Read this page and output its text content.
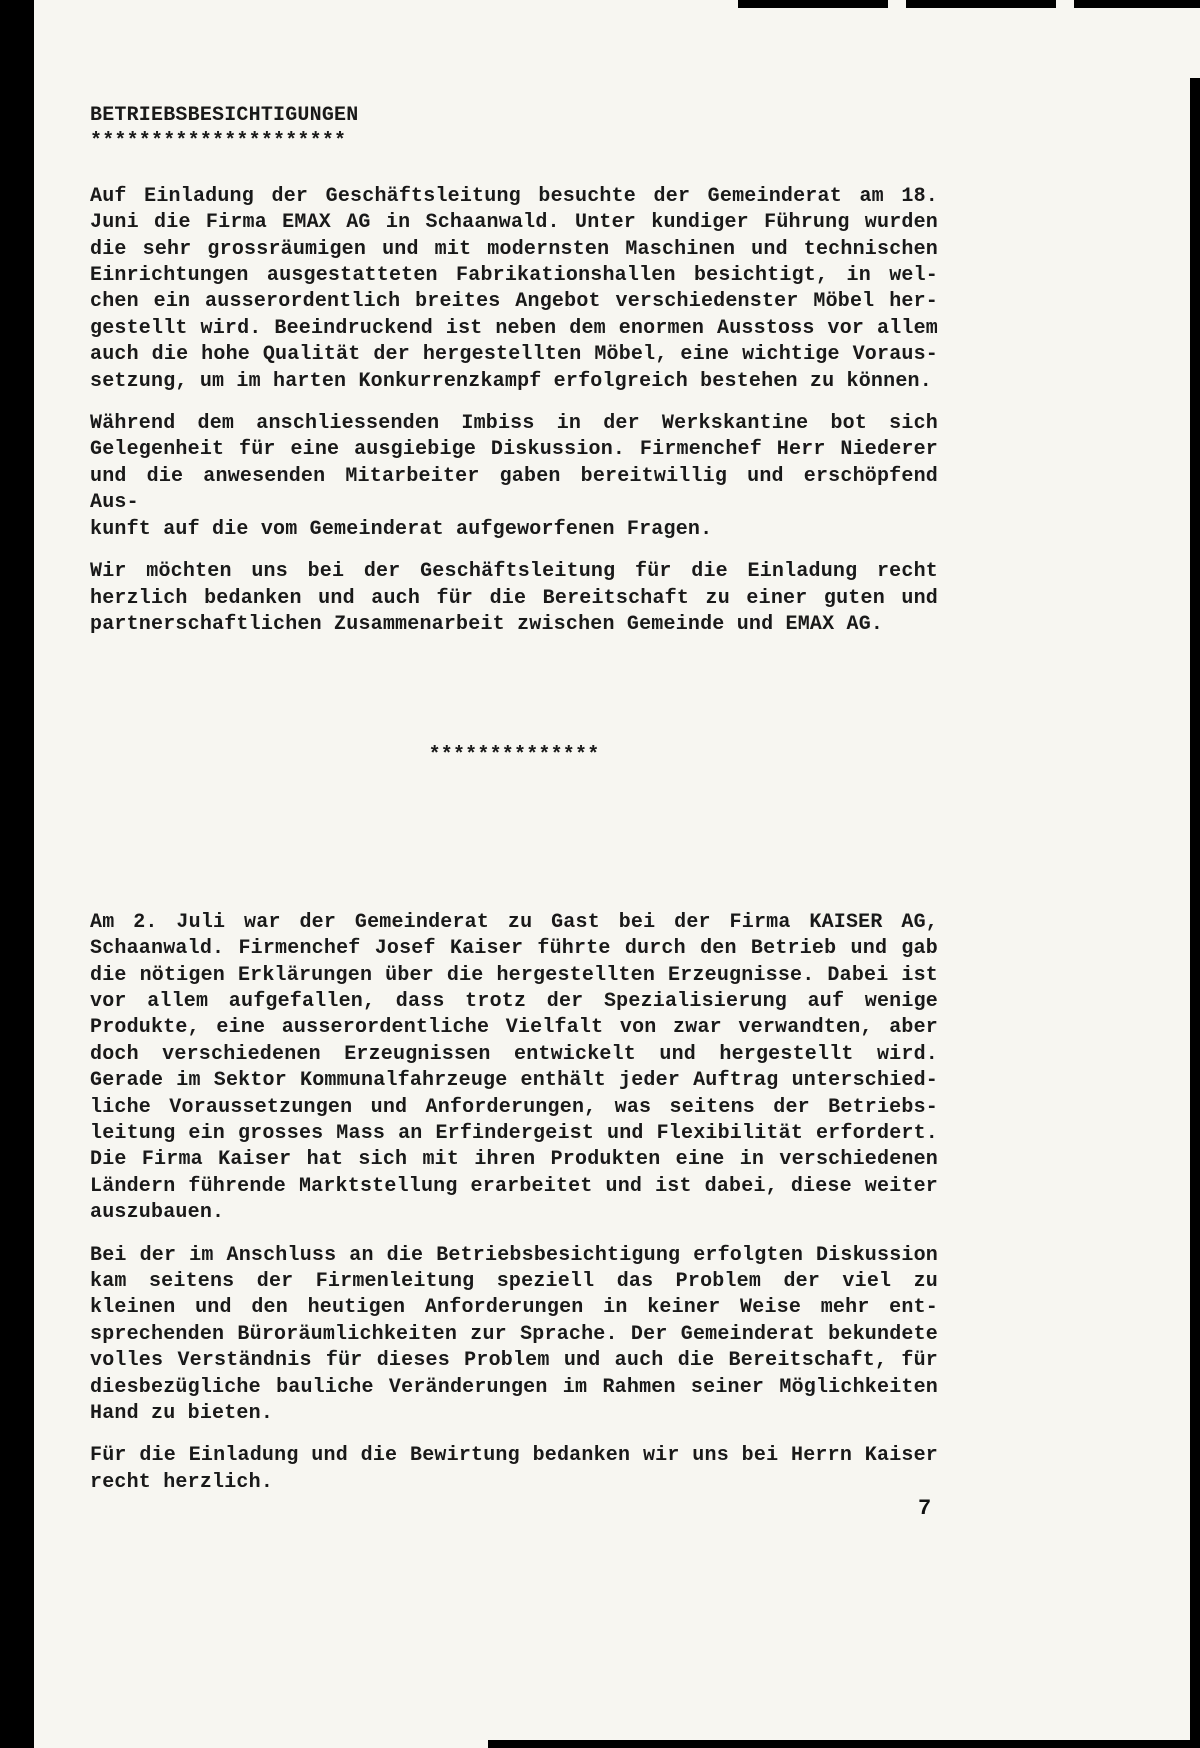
BETRIEBSBESICHTIGUNGEN
*********************
Auf Einladung der Geschäftsleitung besuchte der Gemeinderat am 18.
Juni die Firma EMAX AG in Schaanwald. Unter kundiger Führung wurden
die sehr grossräumigen und mit modernsten Maschinen und technischen
Einrichtungen ausgestatteten Fabrikationshallen besichtigt, in wel-
chen ein ausserordentlich breites Angebot verschiedenster Möbel her-
gestellt wird. Beeindruckend ist neben dem enormen Ausstoss vor allem
auch die hohe Qualität der hergestellten Möbel, eine wichtige Voraus-
setzung, um im harten Konkurrenzkampf erfolgreich bestehen zu können.
Während dem anschliessenden Imbiss in der Werkskantine bot sich
Gelegenheit für eine ausgiebige Diskussion. Firmenchef Herr Niederer
und die anwesenden Mitarbeiter gaben bereitwillig und erschöpfend Aus-
kunft auf die vom Gemeinderat aufgeworfenen Fragen.
Wir möchten uns bei der Geschäftsleitung für die Einladung recht
herzlich bedanken und auch für die Bereitschaft zu einer guten und
partnerschaftlichen Zusammenarbeit zwischen Gemeinde und EMAX AG.
**************
Am 2. Juli war der Gemeinderat zu Gast bei der Firma KAISER AG,
Schaanwald. Firmenchef Josef Kaiser führte durch den Betrieb und gab
die nötigen Erklärungen über die hergestellten Erzeugnisse. Dabei ist
vor allem aufgefallen, dass trotz der Spezialisierung auf wenige
Produkte, eine ausserordentliche Vielfalt von zwar verwandten, aber
doch verschiedenen Erzeugnissen entwickelt und hergestellt wird.
Gerade im Sektor Kommunalfahrzeuge enthält jeder Auftrag unterschied-
liche Voraussetzungen und Anforderungen, was seitens der Betriebs-
leitung ein grosses Mass an Erfindergeist und Flexibilität erfordert.
Die Firma Kaiser hat sich mit ihren Produkten eine in verschiedenen
Ländern führende Marktstellung erarbeitet und ist dabei, diese weiter
auszubauen.
Bei der im Anschluss an die Betriebsbesichtigung erfolgten Diskussion
kam seitens der Firmenleitung speziell das Problem der viel zu
kleinen und den heutigen Anforderungen in keiner Weise mehr ent-
sprechenden Büroräumlichkeiten zur Sprache. Der Gemeinderat bekundete
volles Verständnis für dieses Problem und auch die Bereitschaft, für
diesbezügliche bauliche Veränderungen im Rahmen seiner Möglichkeiten
Hand zu bieten.
Für die Einladung und die Bewirtung bedanken wir uns bei Herrn Kaiser
recht herzlich.
7
